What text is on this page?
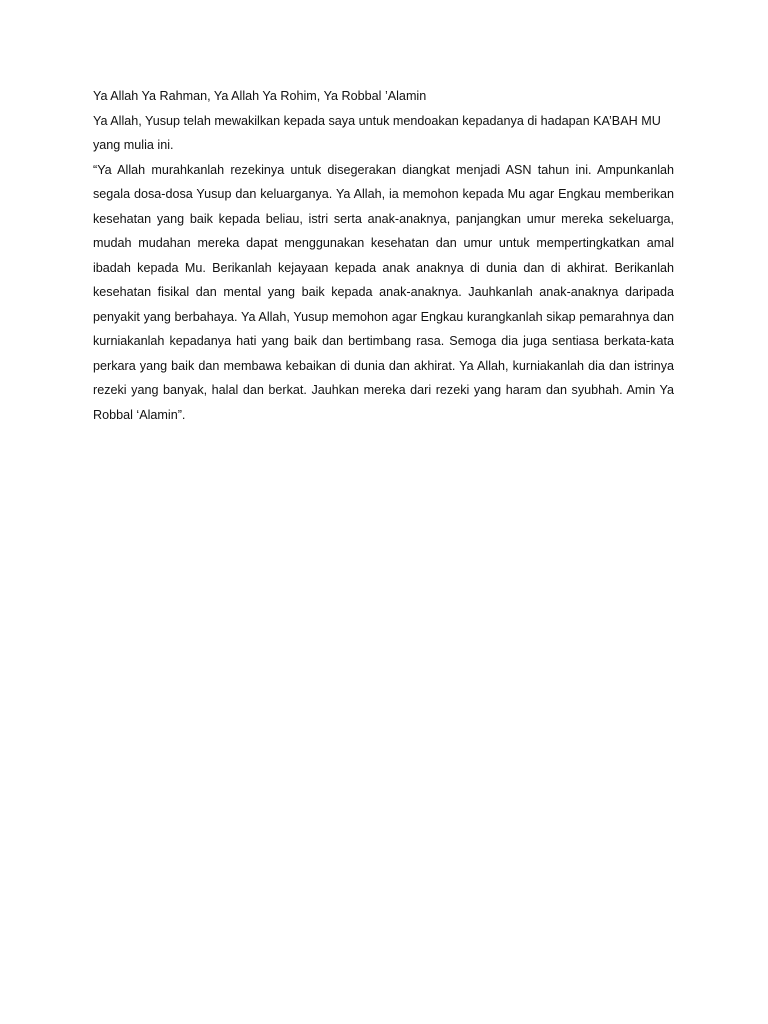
Ya Allah Ya Rahman, Ya Allah Ya Rohim, Ya Robbal ’Alamin

Ya Allah, Yusup telah mewakilkan kepada saya untuk mendoakan kepadanya di hadapan KA’BAH MU yang mulia ini.

“Ya Allah murahkanlah rezekinya untuk disegerakan diangkat menjadi ASN tahun ini. Ampunkanlah segala dosa-dosa Yusup dan keluarganya. Ya Allah, ia memohon kepada Mu agar Engkau memberikan kesehatan yang baik kepada beliau, istri serta anak-anaknya, panjangkan umur mereka sekeluarga, mudah mudahan mereka dapat menggunakan kesehatan dan umur untuk mempertingkatkan amal ibadah kepada Mu. Berikanlah kejayaan kepada anak anaknya di dunia dan di akhirat. Berikanlah kesehatan fisikal dan mental yang baik kepada anak-anaknya. Jauhkanlah anak-anaknya daripada penyakit yang berbahaya. Ya Allah, Yusup memohon agar Engkau kurangkanlah sikap pemarahnya dan kurniakanlah kepadanya hati yang baik dan bertimbang rasa. Semoga dia juga sentiasa berkata-kata perkara yang baik dan membawa kebaikan di dunia dan akhirat. Ya Allah, kurniakanlah dia dan istrinya rezeki yang banyak, halal dan berkat. Jauhkan mereka dari rezeki yang haram dan syubhah. Amin Ya Robbal ‘Alamin”.
